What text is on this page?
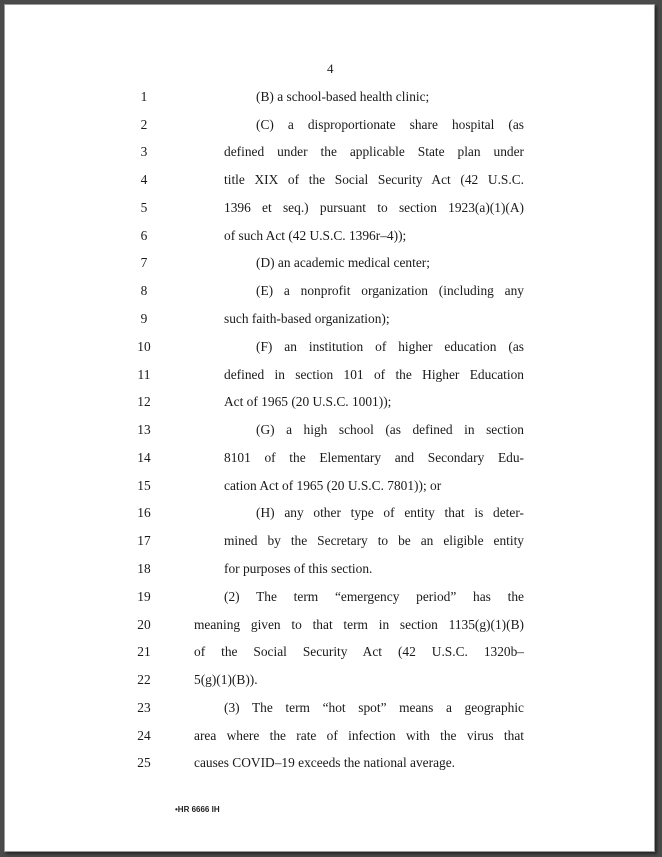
4
1	(B) a school-based health clinic;
2	(C) a disproportionate share hospital (as
3	defined under the applicable State plan under
4	title XIX of the Social Security Act (42 U.S.C.
5	1396 et seq.) pursuant to section 1923(a)(1)(A)
6	of such Act (42 U.S.C. 1396r–4));
7	(D) an academic medical center;
8	(E) a nonprofit organization (including any
9	such faith-based organization);
10	(F) an institution of higher education (as
11	defined in section 101 of the Higher Education
12	Act of 1965 (20 U.S.C. 1001));
13	(G) a high school (as defined in section
14	8101 of the Elementary and Secondary Edu-
15	cation Act of 1965 (20 U.S.C. 7801)); or
16	(H) any other type of entity that is deter-
17	mined by the Secretary to be an eligible entity
18	for purposes of this section.
19	(2) The term “emergency period” has the
20	meaning given to that term in section 1135(g)(1)(B)
21	of the Social Security Act (42 U.S.C. 1320b–
22	5(g)(1)(B)).
23	(3) The term “hot spot” means a geographic
24	area where the rate of infection with the virus that
25	causes COVID–19 exceeds the national average.
•HR 6666 IH
